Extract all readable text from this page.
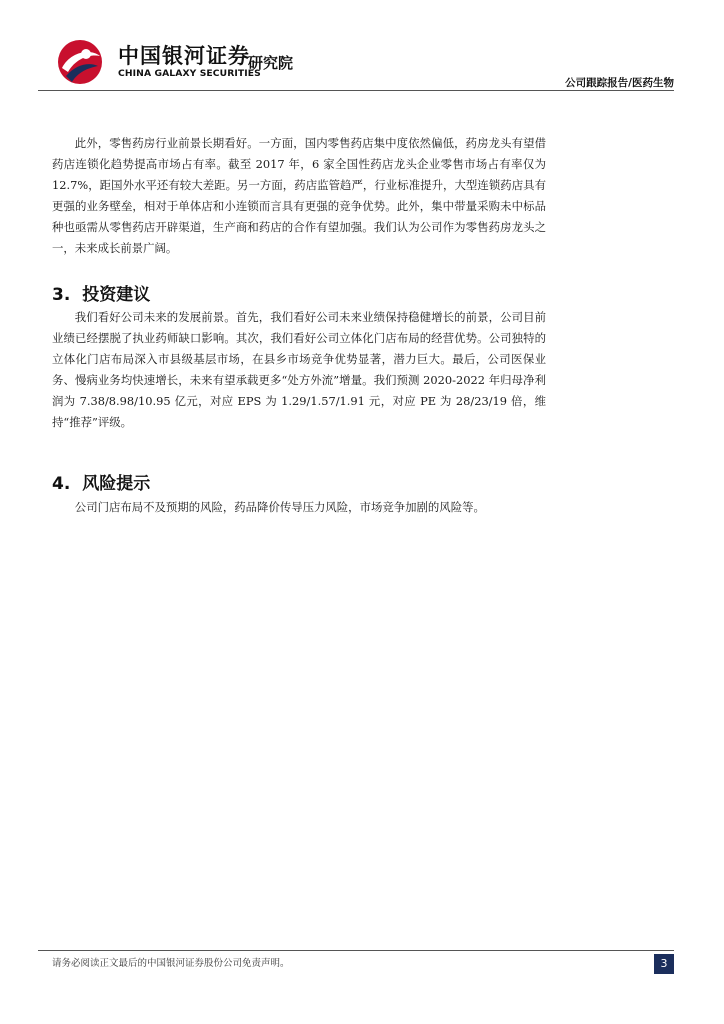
中国银河证券
CHINA GALAXY SECURITIES
研究院
公司跟踪报告/医药生物
此外，零售药房行业前景长期看好。一方面，国内零售药店集中度依然偏低，药房龙头有望借药店连锁化趋势提高市场占有率。截至 2017 年，6 家全国性药店龙头企业零售市场占有率仅为 12.7%，距国外水平还有较大差距。另一方面，药店监管趋严，行业标准提升，大型连锁药店具有更强的业务壁垒，相对于单体店和小连锁而言具有更强的竞争优势。此外，集中带量采购未中标品种也亟需从零售药店开辟渠道，生产商和药店的合作有望加强。我们认为公司作为零售药房龙头之一，未来成长前景广阔。
3. 投资建议
我们看好公司未来的发展前景。首先，我们看好公司未来业绩保持稳健增长的前景，公司目前业绩已经摆脱了执业药师缺口影响。其次，我们看好公司立体化门店布局的经营优势。公司独特的立体化门店布局深入市县级基层市场，在县乡市场竞争优势显著，潜力巨大。最后，公司医保业务、慢病业务均快速增长，未来有望承载更多“处方外流”增量。我们预测 2020-2022 年归母净利润为 7.38/8.98/10.95 亿元，对应 EPS 为 1.29/1.57/1.91 元，对应 PE 为 28/23/19 倍，维持“推荐”评级。
4. 风险提示
公司门店布局不及预期的风险，药品降价传导压力风险，市场竞争加剧的风险等。
请务必阅读正文最后的中国银河证券股份公司免责声明。	3
